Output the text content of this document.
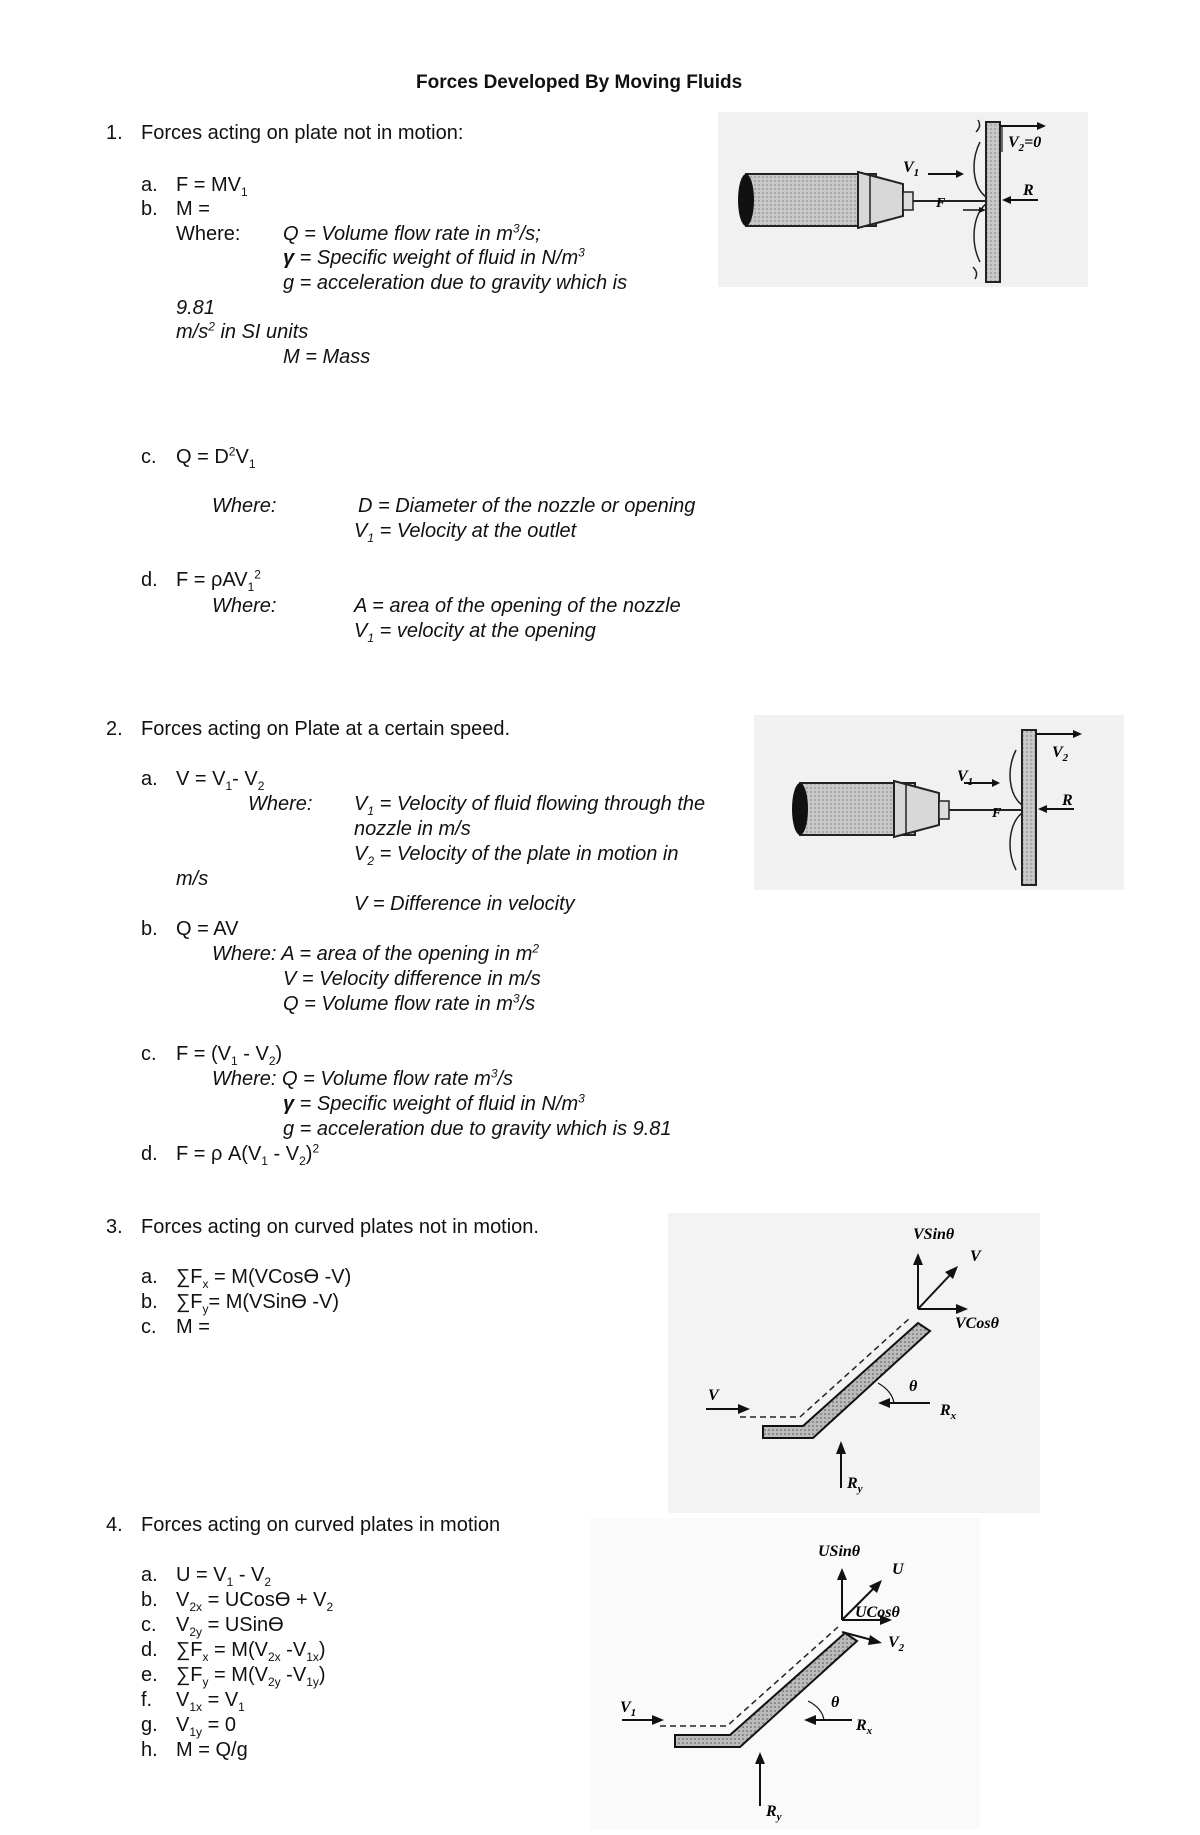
Forces Developed By Moving Fluids
1. Forces acting on plate not in motion:
a. $F = MV_1$
b. M =
Where: Q = Volume flow rate in $m^3/s$;
γ = Specific weight of fluid in $N/m^3$
g = acceleration due to gravity which is
9.81
$m/s^2$ in SI units
M = Mass
c. $Q = D^2V_1$
Where:	D = Diameter of the nozzle or opening
$V_1$ = Velocity at the outlet
d. F = ρAV$_1^2$
Where:	A = area of the opening of the nozzle
$V_1$ = velocity at the opening
2. Forces acting on Plate at a certain speed.
a. $V = V_1-$ $V_2$
Where: $V_1$ = Velocity of fluid flowing through the
nozzle in m/s
$V_2$ = Velocity of the plate in motion in
m/s
V = Difference in velocity
b. Q = AV
Where: A = area of the opening in $m^2$
V = Velocity difference in m/s
Q = Volume flow rate in $m^3/s$
c. $F = (V_1 - V_2)$
Where: Q = Volume flow rate $m^3/s$
γ = Specific weight of fluid in $N/m^3$
g = acceleration due to gravity which is 9.81
d. F = ρ $A(V_1 - V_2)^2$
3. Forces acting on curved plates not in motion.
a. $\sum F_x$ = M(VCosϴ -V)
b. $\sum F_y=$ M(VSinϴ -V)
c. M =
4. Forces acting on curved plates in motion
a. $U = V_1 - V_2$
b. $V_{2x}$ = UCosϴ + $V_2$
c. $V_{2y}$ = USinϴ
d. $\sum F_x = M(V_{2x}$ $-V_{1x}$)
e. $\sum F_y = M(V_{2y}$ $-V_{1y}$)
f. $V_{1x} = V_1$
g. $V_{1y} = 0$
h. M = Q/g
$V_1$
$V_2=0$
R
F
$V_1$
$V_2$
R
F
VSinθ
V
VCosθ
V
θ
$R_x$
$R_y$
USinθ
U
UCosθ
$V_2$
$V_1$
θ
$R_x$
$R_y$
